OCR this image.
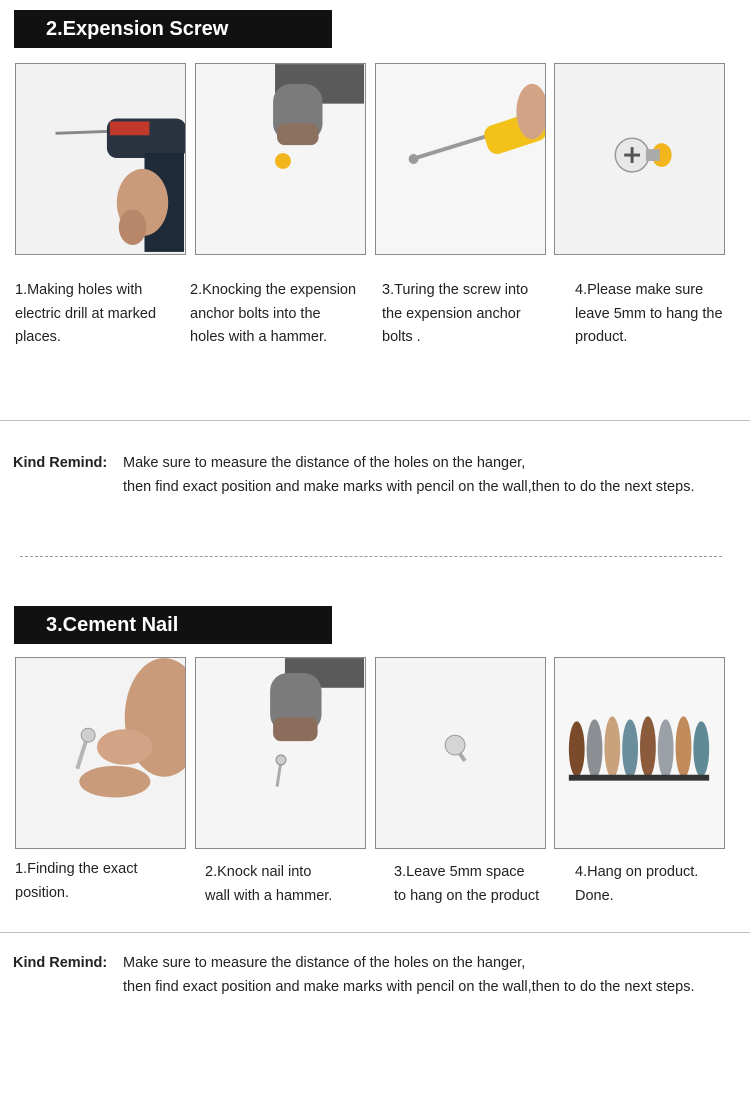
2.Expension Screw
1.Making holes with
electric drill at marked
places.
2.Knocking the expension
anchor bolts into the
holes with a hammer.
3.Turing the screw into
the expension anchor
bolts .
4.Please make sure
leave 5mm to hang the
product.
Kind Remind: Make sure to measure the distance of the holes on the hanger,
then find exact position and make marks with pencil on the wall,then to do the next steps.
3.Cement Nail
1.Finding the exact
position.
2.Knock nail into
wall with a hammer.
3.Leave 5mm space
to hang on the product
4.Hang on product.
Done.
Kind Remind: Make sure to measure the distance of the holes on the hanger,
then find exact position and make marks with pencil on the wall,then to do the next steps.
